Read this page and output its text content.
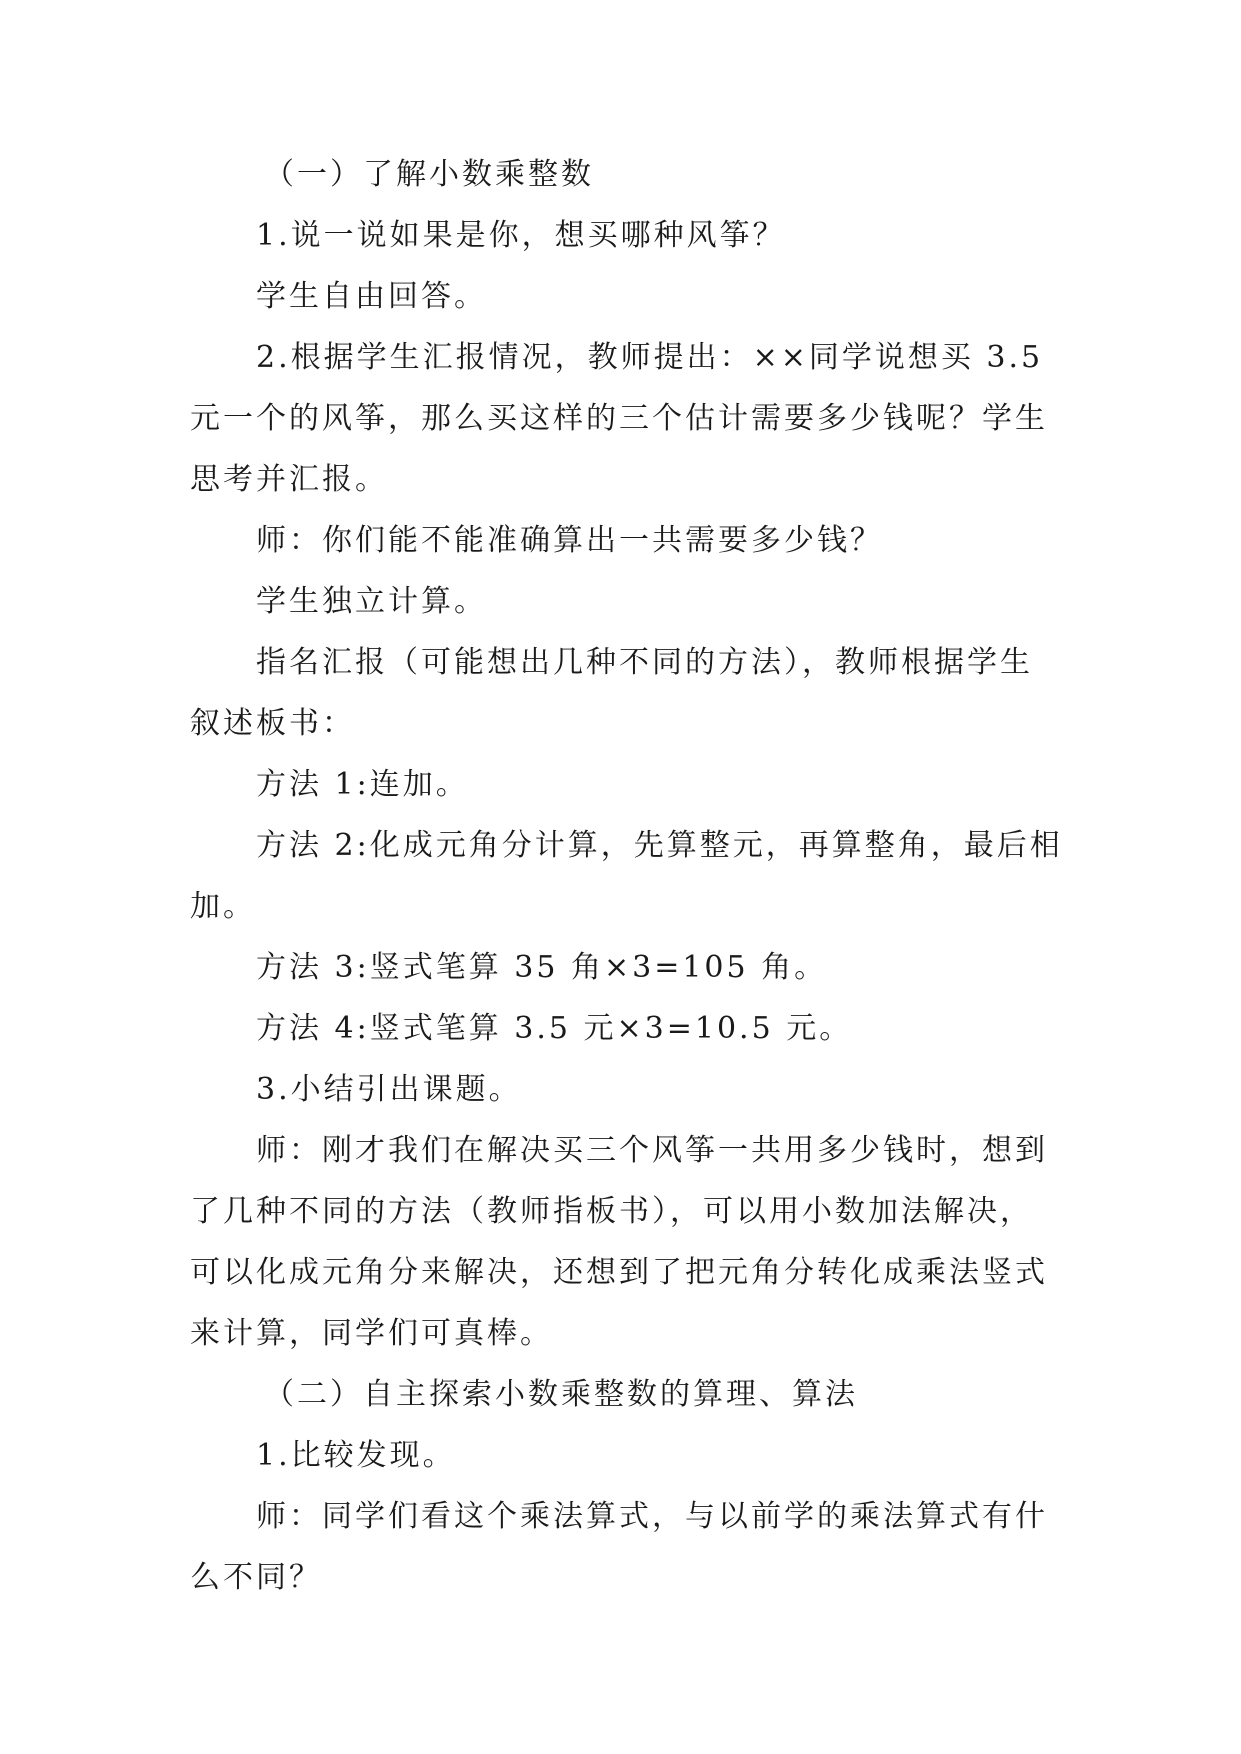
（一）了解小数乘整数
1.说一说如果是你，想买哪种风筝？
学生自由回答。
2.根据学生汇报情况，教师提出：××同学说想买 3.5
元一个的风筝，那么买这样的三个估计需要多少钱呢？学生
思考并汇报。
师：你们能不能准确算出一共需要多少钱？
学生独立计算。
指名汇报（可能想出几种不同的方法），教师根据学生
叙述板书：
方法 1:连加。
方法 2:化成元角分计算，先算整元，再算整角，最后相
加。
方法 3:竖式笔算 35 角×3=105 角。
方法 4:竖式笔算 3.5 元×3=10.5 元。
3.小结引出课题。
师：刚才我们在解决买三个风筝一共用多少钱时，想到
了几种不同的方法（教师指板书），可以用小数加法解决，
可以化成元角分来解决，还想到了把元角分转化成乘法竖式
来计算，同学们可真棒。
（二）自主探索小数乘整数的算理、算法
1.比较发现。
师：同学们看这个乘法算式，与以前学的乘法算式有什
么不同？
